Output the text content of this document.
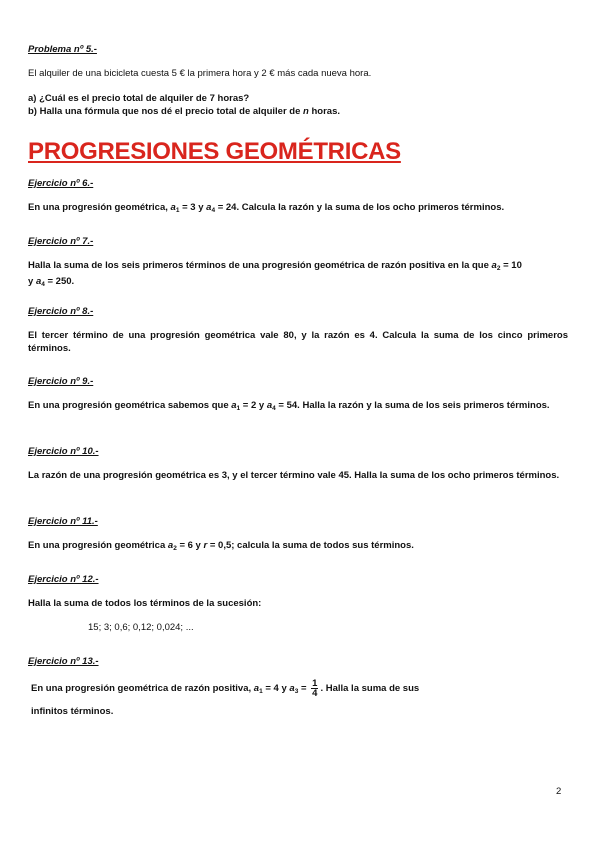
Problema nº 5.-

El alquiler de una bicicleta cuesta 5 € la primera hora y 2 € más cada nueva hora.

a) ¿Cuál es el precio total de alquiler de 7 horas?

b) Halla una fórmula que nos dé el precio total de alquiler de n horas.

PROGRESIONES GEOMÉTRICAS
Ejercicio nº 6.-

En una progresión geométrica, $a_1 = 3$ y $a_4 = 24$. Calcula la razón y la suma de los ocho primeros términos.

Ejercicio nº 7.-

Halla la suma de los seis primeros términos de una progresión geométrica de razón positiva en la que $a_2 = 10$
y $a_4 = 250$.

Ejercicio nº 8.-

El tercer término de una progresión geométrica vale 80, y la razón es 4. Calcula la suma de los cinco primeros términos.

Ejercicio nº 9.-

En una progresión geométrica sabemos que $a_1 = 2$ y $a_4 = 54$. Halla la razón y la suma de los seis primeros términos.

Ejercicio nº 10.-

La razón de una progresión geométrica es 3, y el tercer término vale 45. Halla la suma de los ocho primeros términos.

Ejercicio nº 11.-

En una progresión geométrica $a_2 = 6$ y r = 0,5; calcula la suma de todos sus términos.

Ejercicio nº 12.-

Halla la suma de todos los términos de la sucesión:

15; 3; 0,6; 0,12; 0,024; ...

Ejercicio nº 13.-

En una progresión geométrica de razón positiva, $a_1 = 4$ y $a_3 = \frac{1}{4}$ . Halla la suma de sus

infinitos términos.

2
